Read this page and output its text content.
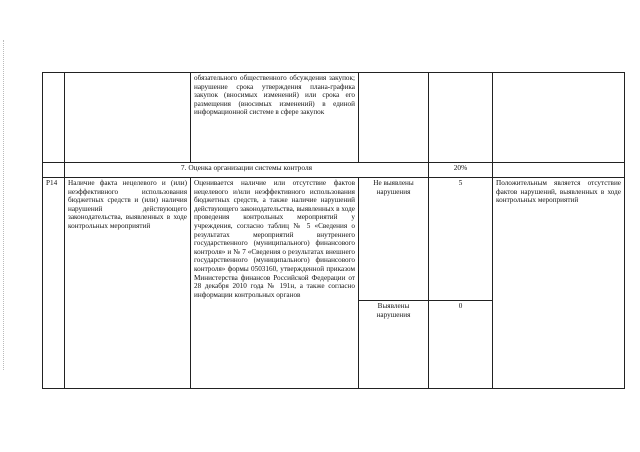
		обязательного общественного обсуждения закупок; нарушение срока утверждения плана-графика закупок (вносимых изменений) или срока его размещения (вносимых изменений) в единой информационной системе в сфере закупок			
	7. Оценка организации системы контроля			20%	
P14	Наличие факта нецелевого и (или) неэффективного использования бюджетных средств и (или) наличия нарушений действующего законодательства, выявленных в ходе контрольных мероприятий	Оценивается наличие или отсутствие фактов нецелевого и/или неэффективного использования бюджетных средств, а также наличие нарушений действующего законодательства, выявленных в ходе проведения контрольных мероприятий у учреждения, согласно таблиц № 5 «Сведения о результатах мероприятий внутреннего государственного (муниципального) финансового контроля» и № 7 «Сведения о результатах внешнего государственного (муниципального) финансового контроля» формы 0503160, утвержденной приказом Министерства финансов Российской Федерации от 28 декабря 2010 года № 191н, а также согласно информации контрольных органов	Не выявлены нарушения	5	Положительным является отсутствие фактов нарушений, выявленных в ходе контрольных мероприятий
			Выявлены нарушения	0	
